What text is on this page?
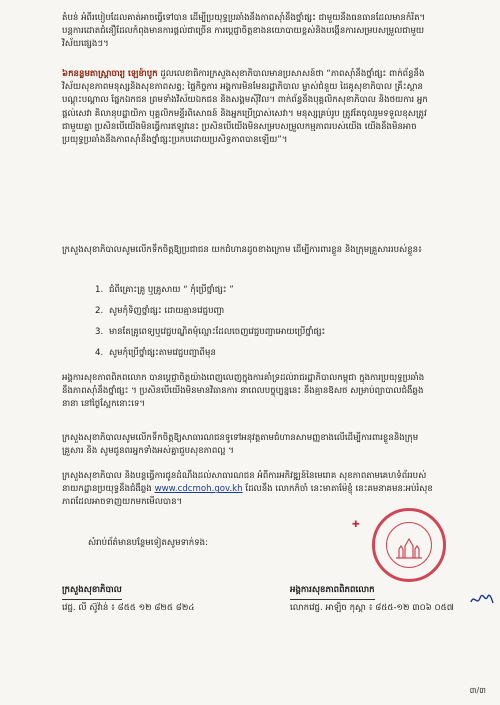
តំបន់ អំពីរបៀបដែលគាត់អាចធ្វើទៅបាន ដើម្បីប្រយុទ្ធប្រឆាំងនឹងភាពស៊ាំនឹងថ្នាំផ្សះ ជាមួយនឹងធនធានដែលមានកំរិត។ បន្តការដោតជំនឿដែលកំពុងមានការផ្តល់ជាច្រើន ការប្តេជ្ញាចិត្តខាងនយោបាយខ្ពស់និងបង្កើនការសម្របសម្រួលជាមួយវិស័យផ្សេងៗ។
៦កនន្លមតាស្ត្រាចារ្យ ឡេខ៉ាបូក ដួលលេខាធិការក្រសួងសុខាភិបាលមានប្រសាសន៍ថា “ភាពស៊ាំនឹងថ្នាំផ្សះ ពាក់ព័ន្ធនឹងវិស័យសុខភាពមនុស្សនិងសុខភាពសត្វ; ផ្ទៃកិច្ចការ អង្គការមិនមែនរដ្ឋាភិបាល ម្ចាស់ជំនួយ ដៃគូសុខាភិបាល គ្រឹះស្ថានបណ្តុះបណ្តាល ផ្នែកឯកជន ព្រមទាំងវិស័យឯកជន និងសង្គមស៊ីវិល។ ពាក់ព័ន្ធនឹងបុគ្គលិកសុខាភិបាល និងថយការ អ្នកផ្តល់សេវា គិលានុបដ្ឋាយិកា បុគ្គលិកមន្ទីរពិសោធន៍ និងអ្នកប្រើប្រាស់សេវា។ មនុស្សគ្រប់រូប ត្រូវតែចូលរួមទទួលខុសត្រូវជាមួយគ្នា ប្រសិនបើយើងមិនធ្វើការឥឡូវនេះ ប្រសិនបើយើងមិនសម្របសម្រួលកម្មភាពរបស់យើង យើងនឹងមិនអាចប្រយុទ្ធប្រឆាំងនឹងភាពស៊ាំនឹងថ្នាំផ្សះប្រកបដោយប្រសិទ្ធភាពបានឡើយ”។
ក្រសួងសុខាភិបាលសូមលើកទឹកចិត្តឱ្យប្រជាជន យកជំហានដូចខាងក្រោម ដើម្បីការពារខ្លួន និងក្រុមគ្រួសាររបស់ខ្លួន៖
1. ជំពីគ្រោះគ្រូ ឬគ្រូសាយ “ កុំប្រើថ្នាំផ្សះ ”
2. សូមកុំទិញថ្នាំផ្សះ ដោយគ្មានវេជ្ជបញ្ជា
3. មានតែគ្រូពេទ្យឬវេជ្ជបណ្ឌិតមុំល្អោះដែលចេញវេជ្ជបញ្ជាអោយប្រើថ្នាំផ្សះ
4. សូមកុំប្រើថ្នាំផ្សះតាមវេជ្ជបញ្ជាពីមុន
អង្គការសុខភាពពិភពលោក បានប្តេជ្ញាចិត្តយ៉ាងពេញលេញក្នុងការគាំទ្រដល់រាជរដ្ឋាភិបាលកម្ពុជា ក្នុងការប្រយុទ្ធប្រឆាំងនឹងភាពស៊ាំនឹងថ្នាំផ្សះ ។ ប្រសិនបើយើងមិនមានវិធានការ នាពេលបច្ចុប្បន្ននេះ នឹងគ្មានឱសថ សម្រាប់ព្យាបាលជំងឺឆ្លងនានា នៅថ្ងៃស្អែកនោះទេ។
ក្រសួងសុខាភិបាលសូមលើកទឹកចិត្តឱ្យសាធារណជនទូទៅអនុវត្តតាមជំហានសាមញ្ញខាងលើដើម្បីការពារខ្លួននិងក្រុមគ្រួសារ និង សូមជូនពរអ្នកទាំងអស់គ្នាជួបសុខភាពល្អ ។
ក្រសួងសុខាភិបាល និងបន្តធ្វើការជូនដំណឹងដល់សាធារណជន អំពីការអភិវឌ្ឍន៍នៃមេរោគ សុខភាពតាមគេហទំព័ររបស់ នាយកដ្ឋានប្រយុទ្ធនឹងជំងឺឆ្លង www.cdcmoh.gov.kh ដែលនឹង លោកក៏ចាំ នេះមាតាម៉ែខ្ញុំ នេះគមនាគមនៈអប់រំសុខភាពដែលអាចទាញយកមកមើលបាន។
សំរាប់ព័ត៌មានបន្ថែមទៀតសូមទាក់ទង:
ក្រសួងសុខាភិបាល
វេជ្ជ. លី ស៊ូវ៉ាន់ ៖ ៨៥៥ ១២ ៨២៥ ៨២៤
អង្គការសុខភាពពិភពលោក
លោកវេជ្ជ. អាឡិច កុស្តា ៖ ៨៥៥-១២ ៣០៦ ០៥៧
✚
៣/៣
